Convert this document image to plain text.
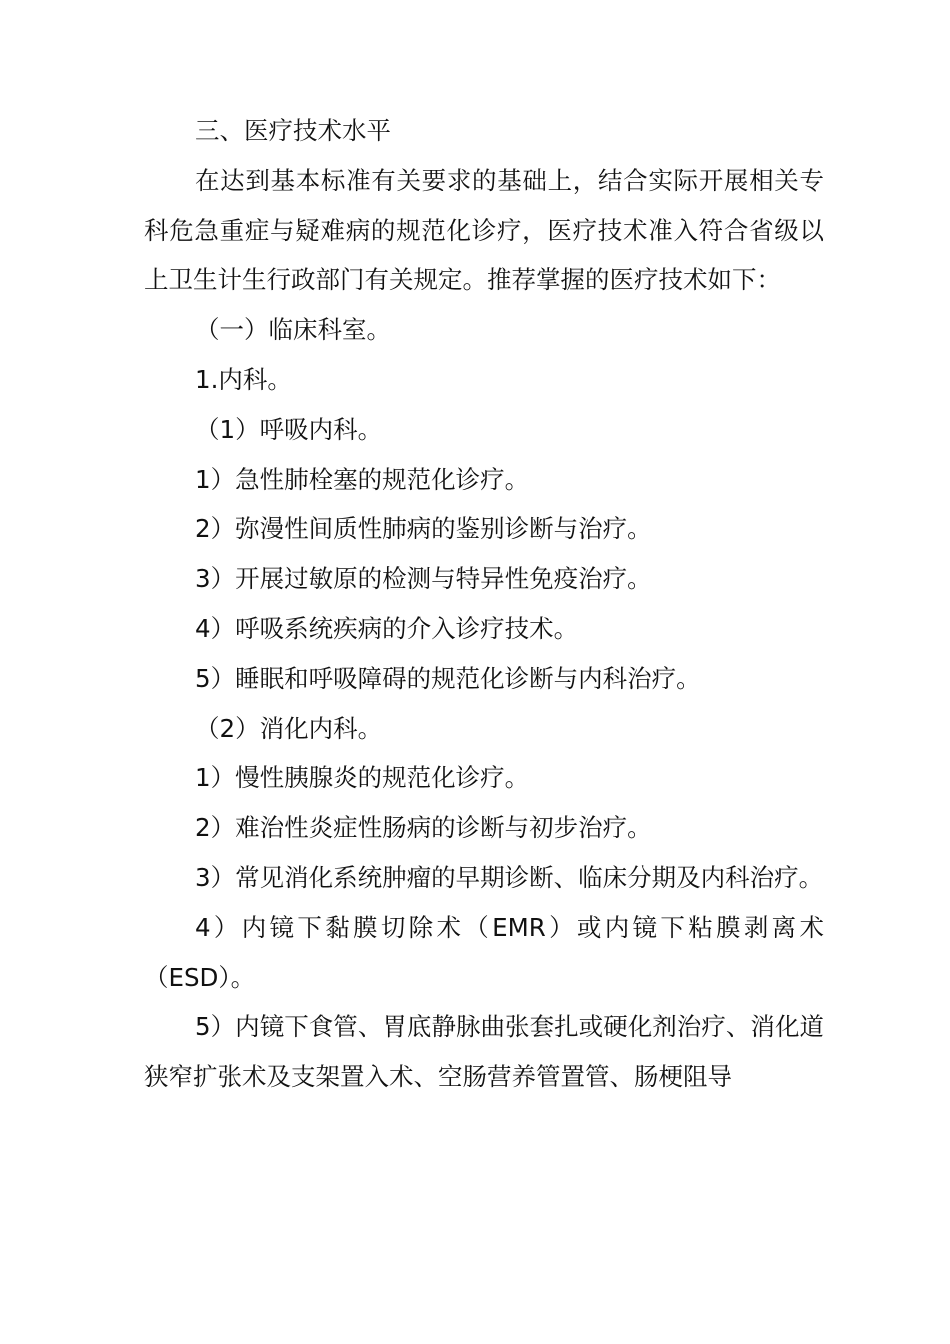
三、医疗技术水平

在达到基本标准有关要求的基础上，结合实际开展相关专科危急重症与疑难病的规范化诊疗，医疗技术准入符合省级以上卫生计生行政部门有关规定。推荐掌握的医疗技术如下：

（一）临床科室。

1.内科。

（1）呼吸内科。

1）急性肺栓塞的规范化诊疗。

2）弥漫性间质性肺病的鉴别诊断与治疗。

3）开展过敏原的检测与特异性免疫治疗。

4）呼吸系统疾病的介入诊疗技术。

5）睡眠和呼吸障碍的规范化诊断与内科治疗。

（2）消化内科。

1）慢性胰腺炎的规范化诊疗。

2）难治性炎症性肠病的诊断与初步治疗。

3）常见消化系统肿瘤的早期诊断、临床分期及内科治疗。

4）内镜下黏膜切除术（EMR）或内镜下粘膜剥离术（ESD）。

5）内镜下食管、胃底静脉曲张套扎或硬化剂治疗、消化道狭窄扩张术及支架置入术、空肠营养管置管、肠梗阻导
